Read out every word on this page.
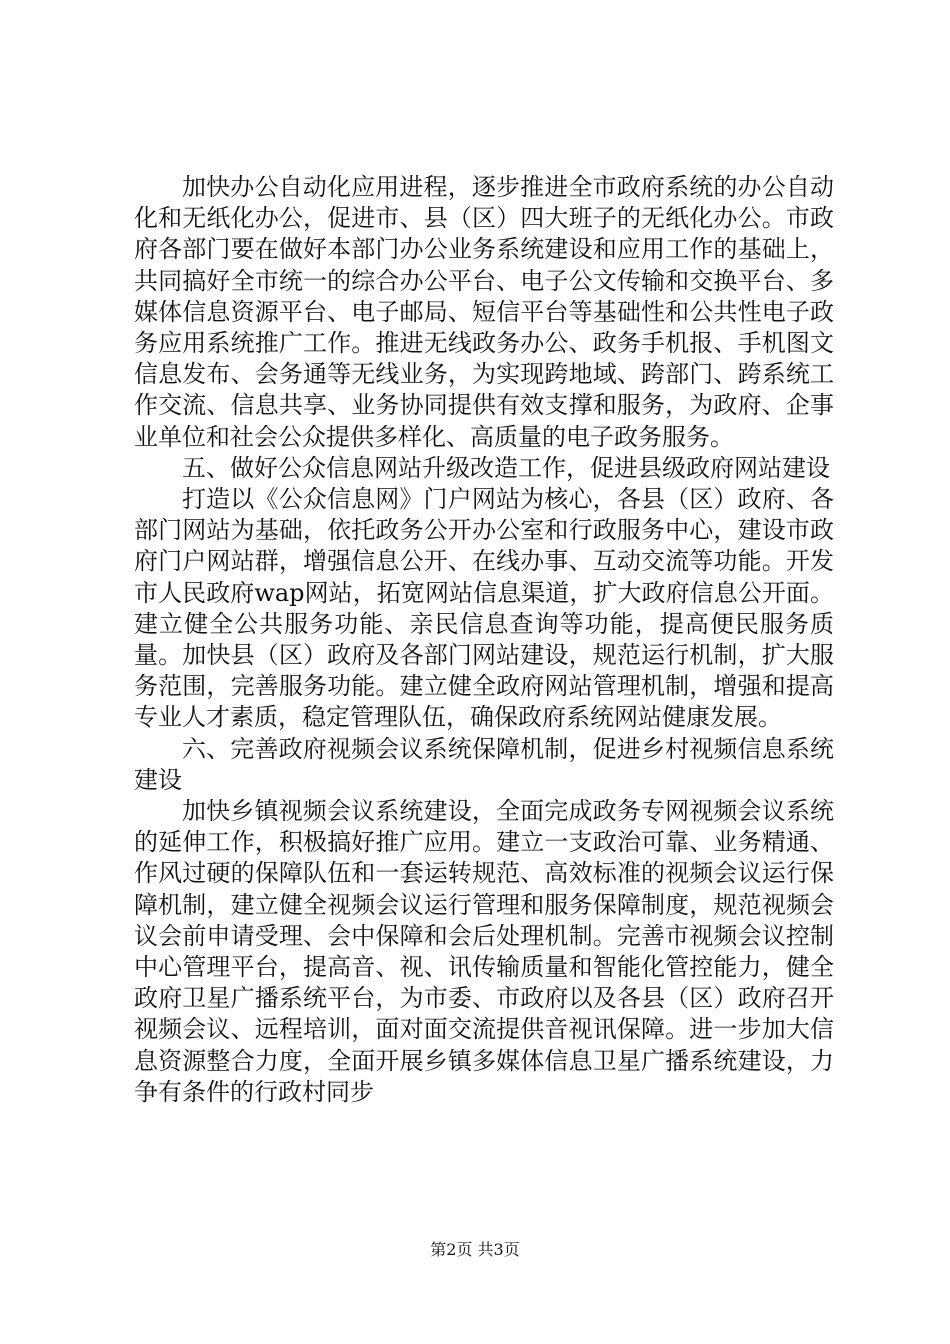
加快办公自动化应用进程，逐步推进全市政府系统的办公自动化和无纸化办公，促进市、县（区）四大班子的无纸化办公。市政府各部门要在做好本部门办公业务系统建设和应用工作的基础上，共同搞好全市统一的综合办公平台、电子公文传输和交换平台、多媒体信息资源平台、电子邮局、短信平台等基础性和公共性电子政务应用系统推广工作。推进无线政务办公、政务手机报、手机图文信息发布、会务通等无线业务，为实现跨地域、跨部门、跨系统工作交流、信息共享、业务协同提供有效支撑和服务，为政府、企事业单位和社会公众提供多样化、高质量的电子政务服务。

五、做好公众信息网站升级改造工作，促进县级政府网站建设

打造以《公众信息网》门户网站为核心，各县（区）政府、各部门网站为基础，依托政务公开办公室和行政服务中心，建设市政府门户网站群，增强信息公开、在线办事、互动交流等功能。开发市人民政府wap网站，拓宽网站信息渠道，扩大政府信息公开面。建立健全公共服务功能、亲民信息查询等功能，提高便民服务质量。加快县（区）政府及各部门网站建设，规范运行机制，扩大服务范围，完善服务功能。建立健全政府网站管理机制，增强和提高专业人才素质，稳定管理队伍，确保政府系统网站健康发展。

六、完善政府视频会议系统保障机制，促进乡村视频信息系统建设

加快乡镇视频会议系统建设，全面完成政务专网视频会议系统的延伸工作，积极搞好推广应用。建立一支政治可靠、业务精通、作风过硬的保障队伍和一套运转规范、高效标准的视频会议运行保障机制，建立健全视频会议运行管理和服务保障制度，规范视频会议会前申请受理、会中保障和会后处理机制。完善市视频会议控制中心管理平台，提高音、视、讯传输质量和智能化管控能力，健全政府卫星广播系统平台，为市委、市政府以及各县（区）政府召开视频会议、远程培训，面对面交流提供音视讯保障。进一步加大信息资源整合力度，全面开展乡镇多媒体信息卫星广播系统建设，力争有条件的行政村同步

第2页 共3页
